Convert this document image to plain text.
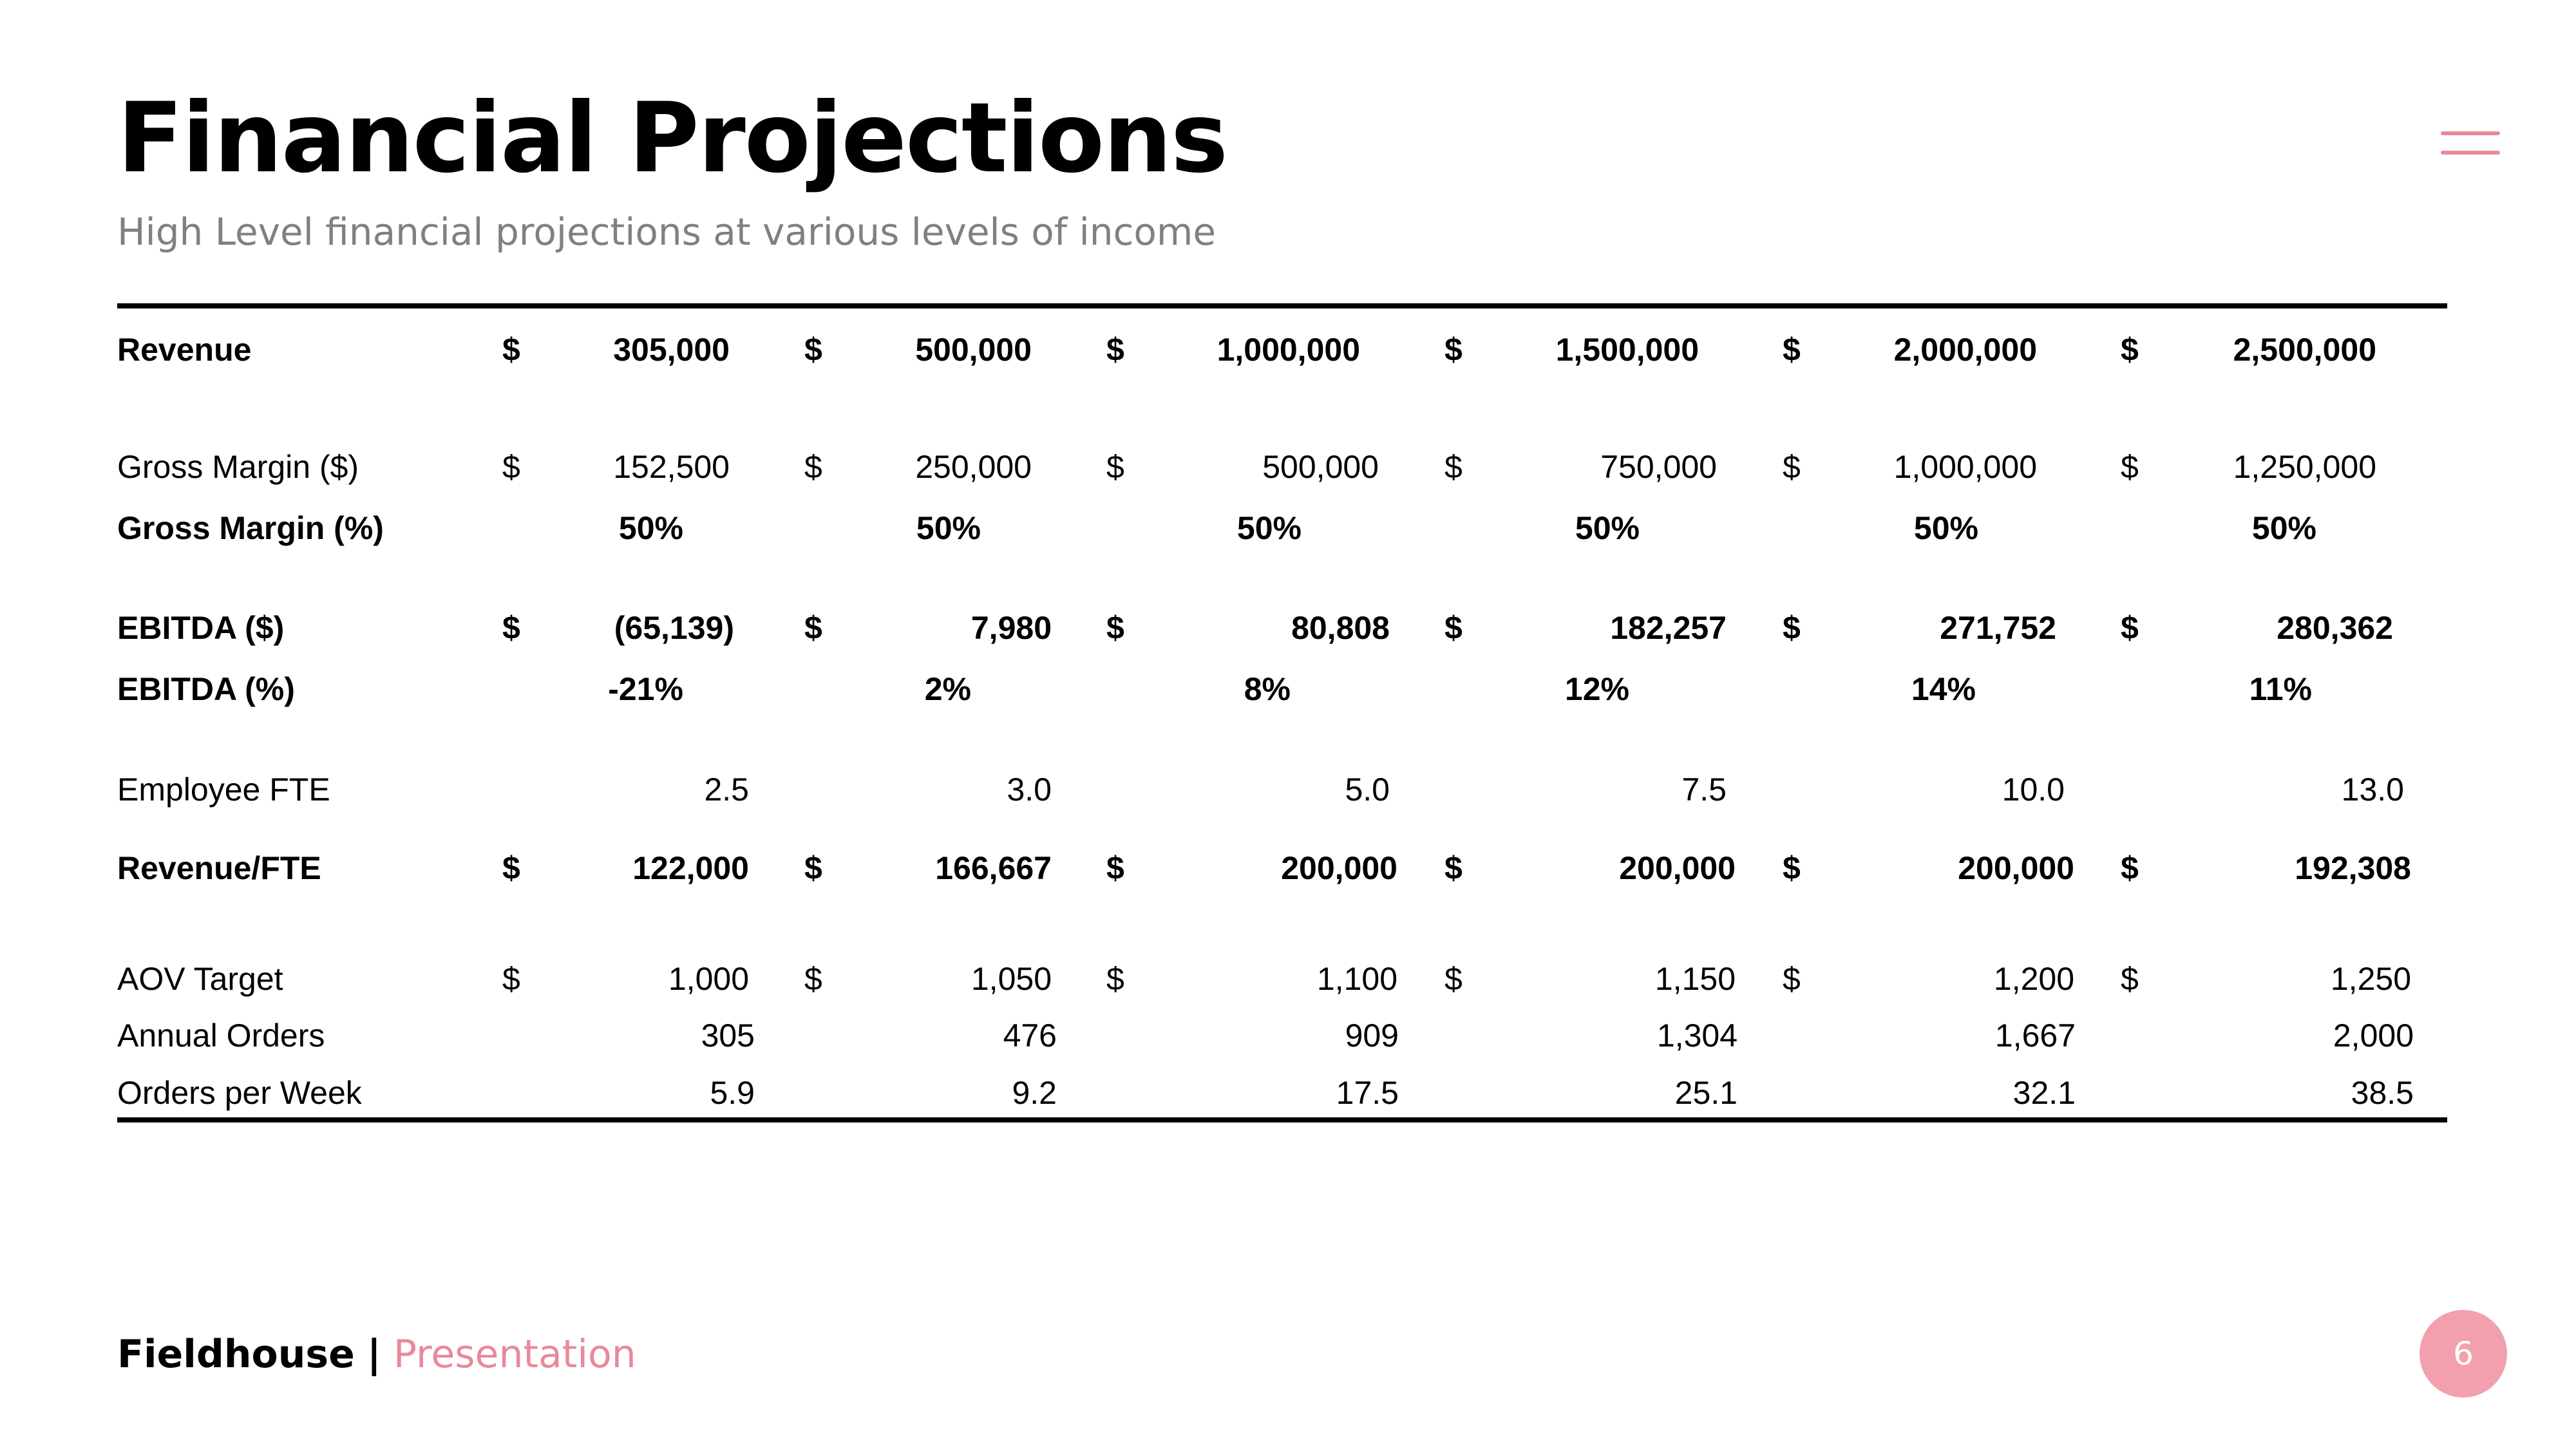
Financial Projections
High Level financial projections at various levels of income
Revenue	$	305,000 $	500,000 $	1,000,000	$	1,500,000	$	2,000,000	$	2,500,000
Gross Margin ($)	$	152,500 $	250,000 $	500,000 $	750,000 $	1,000,000	$	1,250,000
Gross Margin (%)	50%	50%	50%	50%	50%	50%
EBITDA ($)	$	(65,139) $	7,980 $	80,808 $	182,257 $	271,752 $	280,362
EBITDA (%)	-21%	2%	8%	12%	14%	11%
Employee FTE	2.5	3.0	5.0	7.5	10.0	13.0
Revenue/FTE	$	122,000 $	166,667 $	200,000 $	200,000 $	200,000 $	192,308
AOV Target	$	1,000 $	1,050 $	1,100 $	1,150 $	1,200 $	1,250
Annual Orders	305	476	909	1,304	1,667	2,000
Orders per Week	5.9	9.2	17.5	25.1	32.1	38.5
Fieldhouse | Presentation	6
